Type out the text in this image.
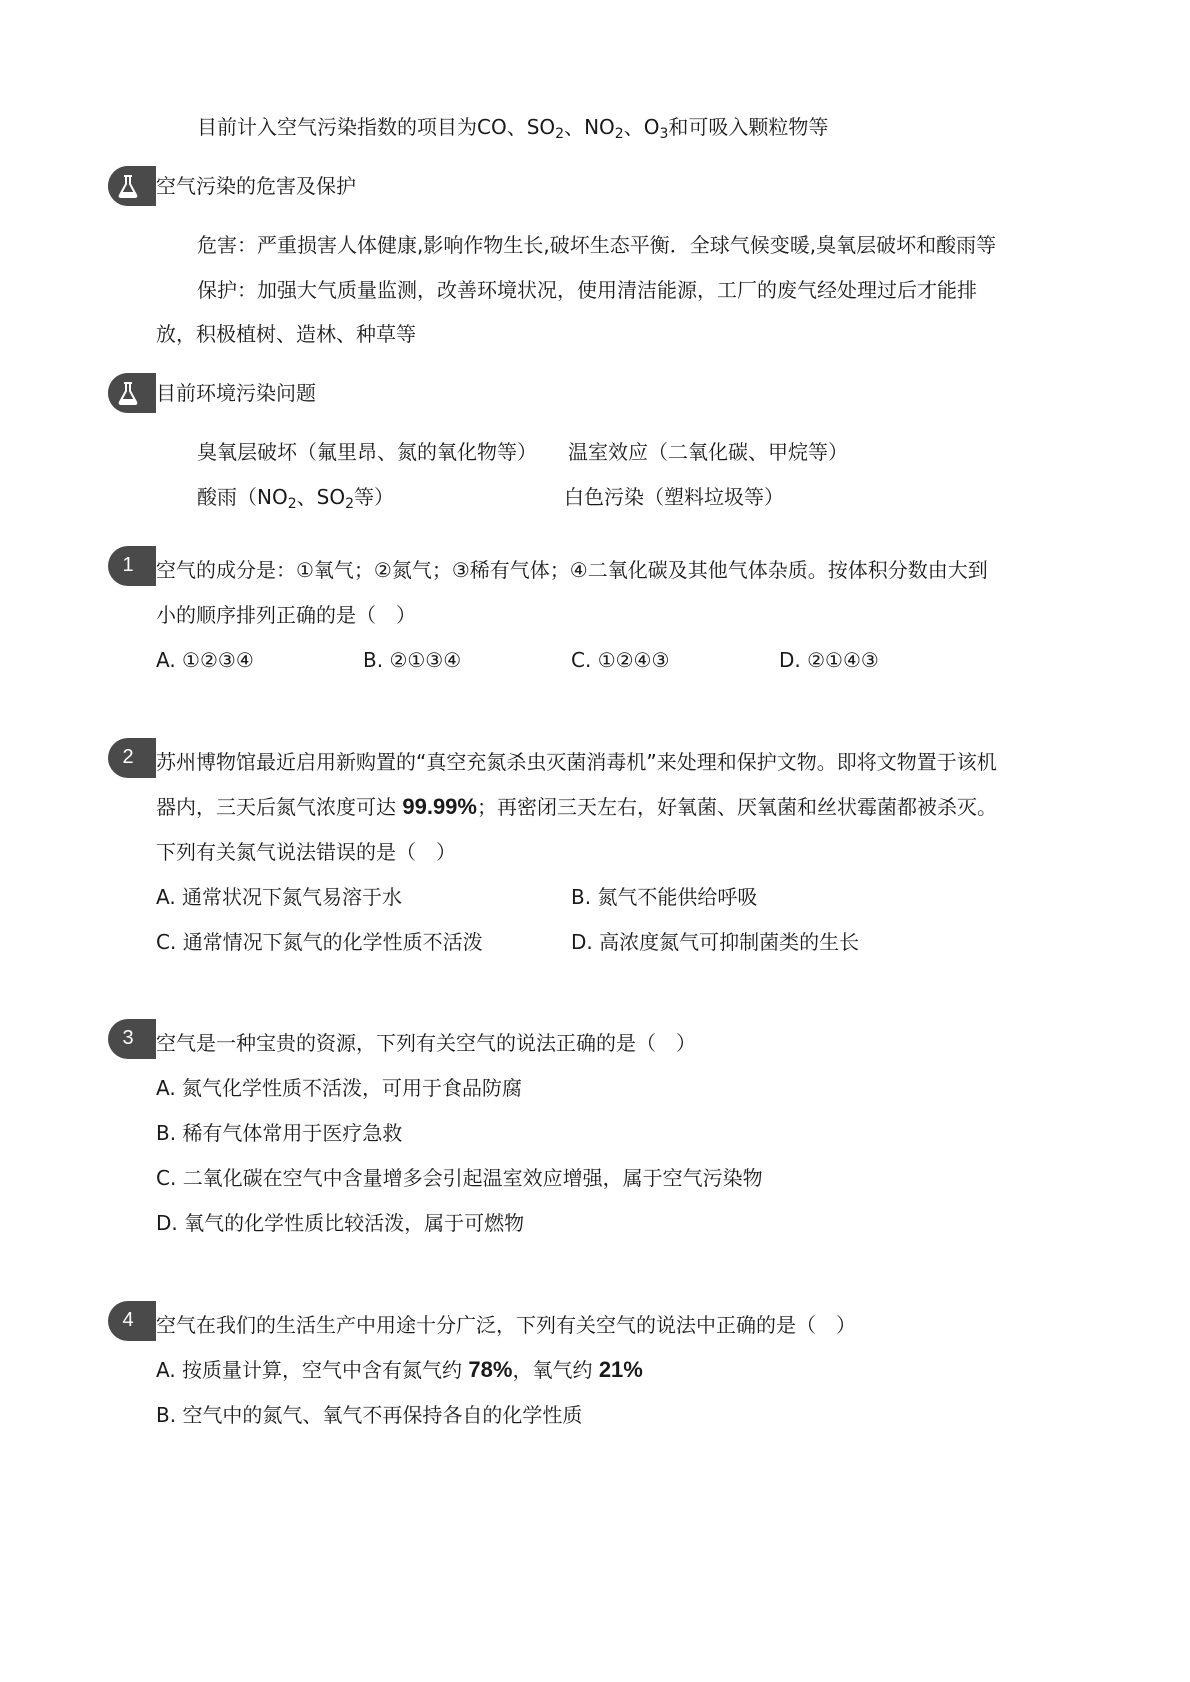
目前计入空气污染指数的项目为CO、$SO_2$、$NO_2$、$O_3$和可吸入颗粒物等
空气污染的危害及保护
危害：严重损害人体健康,影响作物生长,破坏生态平衡．全球气候变暖,臭氧层破坏和酸雨等
保护：加强大气质量监测，改善环境状况，使用清洁能源，工厂的废气经处理过后才能排
放，积极植树、造林、种草等
目前环境污染问题
臭氧层破坏（氟里昂、氮的氧化物等） 温室效应（二氧化碳、甲烷等）
酸雨（$NO_2$、$SO_2$等）	白色污染（塑料垃圾等）
1	空气的成分是：①氧气；②氮气；③稀有气体；④二氧化碳及其他气体杂质。按体积分数由大到
小的顺序排列正确的是（　）
A. ①②③④	B. ②①③④	C. ①②④③	D. ②①④③
2	苏州博物馆最近启用新购置的“真空充氮杀虫灭菌消毒机”来处理和保护文物。即将文物置于该机
器内，三天后氮气浓度可达 99.99%；再密闭三天左右，好氧菌、厌氧菌和丝状霉菌都被杀灭。
下列有关氮气说法错误的是（　）
A. 通常状况下氮气易溶于水	B. 氮气不能供给呼吸
C. 通常情况下氮气的化学性质不活泼	D. 高浓度氮气可抑制菌类的生长
3	空气是一种宝贵的资源，下列有关空气的说法正确的是（　）
A. 氮气化学性质不活泼，可用于食品防腐
B. 稀有气体常用于医疗急救
C. 二氧化碳在空气中含量增多会引起温室效应增强，属于空气污染物
D. 氧气的化学性质比较活泼，属于可燃物
4	空气在我们的生活生产中用途十分广泛，下列有关空气的说法中正确的是（　）
A. 按质量计算，空气中含有氮气约 78%，氧气约 21%
B. 空气中的氮气、氧气不再保持各自的化学性质
